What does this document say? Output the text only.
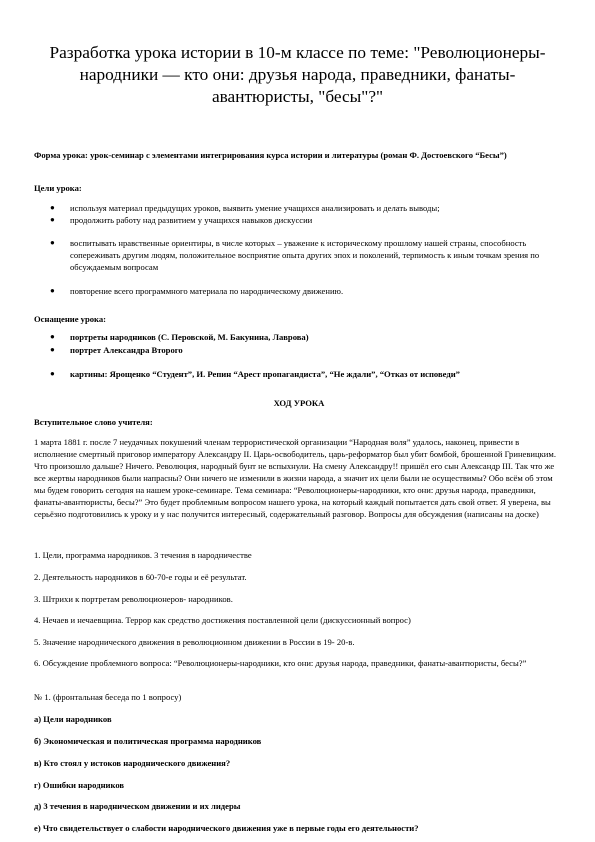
Разработка урока истории в 10-м классе по теме: "Революционеры-народники — кто они: друзья народа, праведники, фанаты-авантюристы, "бесы"?"
Форма урока: урок-семинар с элементами интегрирования курса истории и литературы (роман Ф. Достоевского “Бесы”)
Цели урока:
● используя материал предыдущих уроков, выявить умение учащихся анализировать и делать выводы;
● продолжить работу над развитием у учащихся навыков дискуссии
● воспитывать нравственные ориентиры, в числе которых – уважение к историческому прошлому нашей страны, способность сопереживать другим людям, положительное восприятие опыта других эпох и поколений, терпимость к иным точкам зрения по обсуждаемым вопросам
● повторение всего программного материала по народническому движению.
Оснащение урока:
● портреты народников (С. Перовской, М. Бакунина, Лаврова)
● портрет Александра Второго
● картины: Ярощенко “Студент”, И. Репин “Арест пропагандиста”, “Не ждали”, “Отказ от исповеди”
ХОД УРОКА
Вступительное слово учителя:
1 марта 1881 г. после 7 неудачных покушений членам террористической организации “Народная воля” удалось, наконец, привести в исполнение смертный приговор императору Александру II. Царь-освободитель, царь-реформатор был убит бомбой, брошенной Гриневицким. Что произошло дальше? Ничего. Революция, народный бунт не вспыхнули. На смену Александру!! пришёл его сын Александр III. Так что же все жертвы народников были напрасны? Они ничего не изменили в жизни народа, а значит их цели были не осуществимы? Обо всём об этом мы будем говорить сегодня на нашем уроке-семинаре. Тема семинара: “Революционеры-народники, кто они: друзья народа, праведники, фанаты-авантюристы, бесы?” Это будет проблемным вопросом нашего урока, на который каждый попытается дать свой ответ. Я уверена, вы серьёзно подготовились к уроку и у нас получится интересный, содержательный разговор. Вопросы для обсуждения (написаны на доске)
1. Цели, программа народников. 3 течения в народничестве
2. Деятельность народников в 60-70-е годы и её результат.
3. Штрихи к портретам революционеров- народников.
4. Нечаев и нечаевщина. Террор как средство достижения поставленной цели (дискуссионный вопрос)
5. Значение народнического движения в революционном движении в России в 19- 20-в.
6. Обсуждение проблемного вопроса: “Революционеры-народники, кто они: друзья народа, праведники, фанаты-авантюристы, бесы?”
№ 1. (фронтальная беседа по 1 вопросу)
а) Цели народников
б) Экономическая и политическая программа народников
в) Кто стоял у истоков народнического движения?
г) Ошибки народников
д) 3 течения в народническом движении и их лидеры
е) Что свидетельствует о слабости народнического движения уже в первые годы его деятельности?
